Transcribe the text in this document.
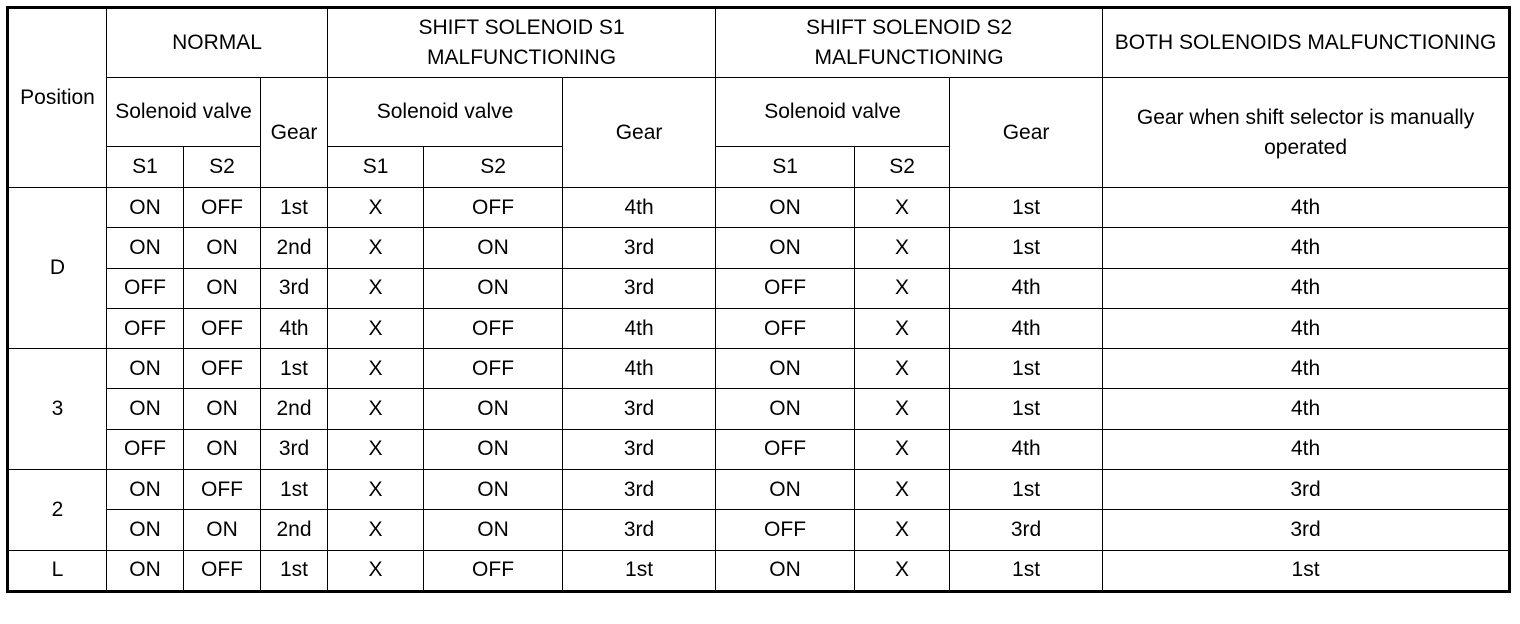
Position	NORMAL			SHIFT SOLENOID S1 MALFUNCTIONING			SHIFT SOLENOID S2 MALFUNCTIONING			BOTH SOLENOIDS MALFUNCTIONING
	Solenoid valve		Gear	Solenoid valve		Gear	Solenoid valve		Gear	Gear when shift selector is manually operated
	S1	S2		S1	S2		S1	S2		
D	ON	OFF	1st	X	OFF	4th	ON	X	1st	4th
	ON	ON	2nd	X	ON	3rd	ON	X	1st	4th
	OFF	ON	3rd	X	ON	3rd	OFF	X	4th	4th
	OFF	OFF	4th	X	OFF	4th	OFF	X	4th	4th
3	ON	OFF	1st	X	OFF	4th	ON	X	1st	4th
	ON	ON	2nd	X	ON	3rd	ON	X	1st	4th
	OFF	ON	3rd	X	ON	3rd	OFF	X	4th	4th
2	ON	OFF	1st	X	ON	3rd	ON	X	1st	3rd
	ON	ON	2nd	X	ON	3rd	OFF	X	3rd	3rd
L	ON	OFF	1st	X	OFF	1st	ON	X	1st	1st
